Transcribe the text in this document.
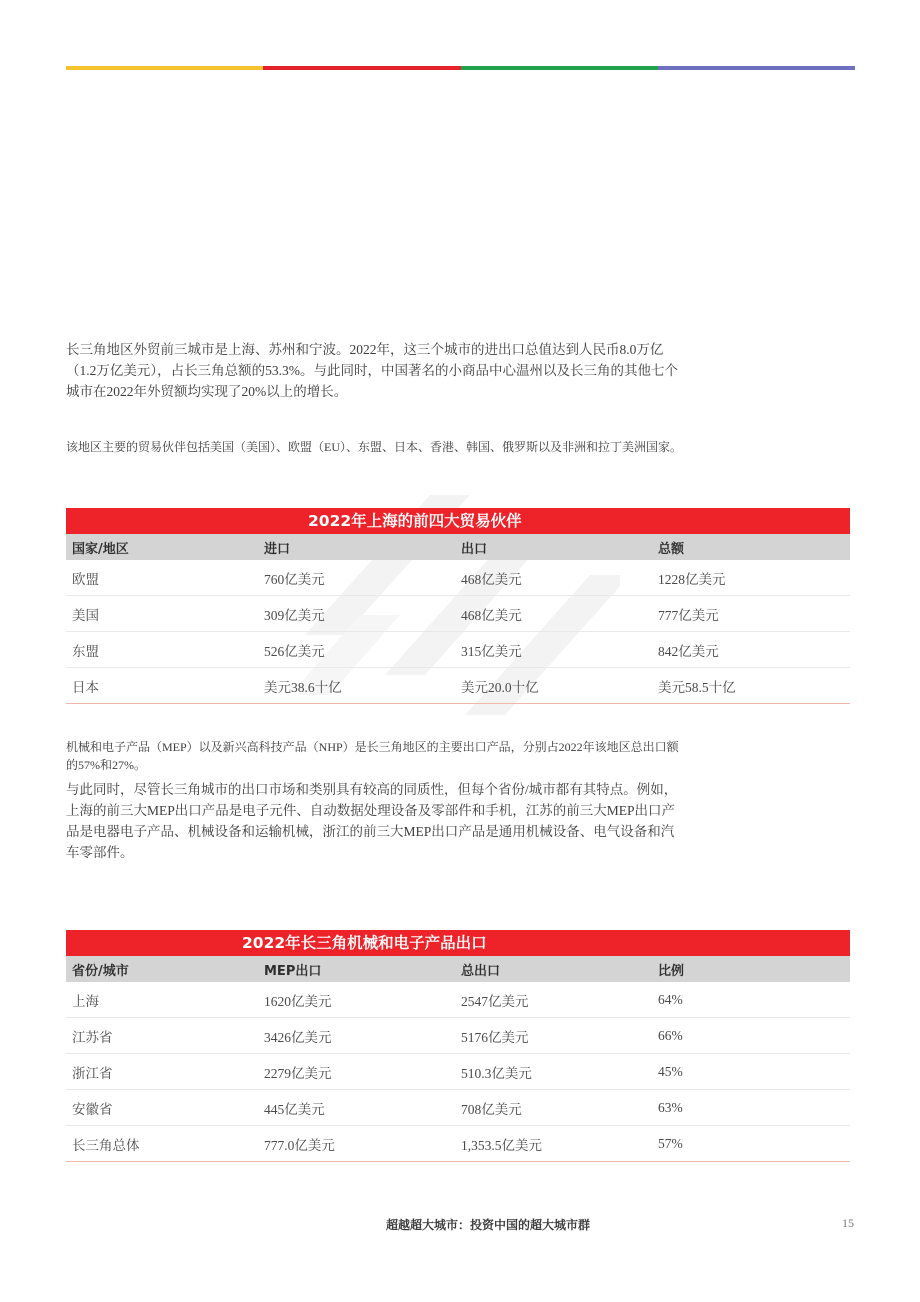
长三角地区外贸前三城市是上海、苏州和宁波。2022年，这三个城市的进出口总值达到人民币8.0万亿（1.2万亿美元），占长三角总额的53.3%。与此同时，中国著名的小商品中心温州以及长三角的其他七个城市在2022年外贸额均实现了20%以上的增长。

该地区主要的贸易伙伴包括美国（美国）、欧盟（EU）、东盟、日本、香港、韩国、俄罗斯以及非洲和拉丁美洲国家。

2022年上海的前四大贸易伙伴
国家/地区	进口	出口	总额
欧盟	760亿美元	468亿美元	1228亿美元
美国	309亿美元	468亿美元	777亿美元
东盟	526亿美元	315亿美元	842亿美元
日本	美元38.6十亿	美元20.0十亿	美元58.5十亿

机械和电子产品（MEP）以及新兴高科技产品（NHP）是长三角地区的主要出口产品，分别占2022年该地区总出口额的57%和27%。

与此同时，尽管长三角城市的出口市场和类别具有较高的同质性，但每个省份/城市都有其特点。例如，上海的前三大MEP出口产品是电子元件、自动数据处理设备及零部件和手机，江苏的前三大MEP出口产品是电器电子产品、机械设备和运输机械，浙江的前三大MEP出口产品是通用机械设备、电气设备和汽车零部件。

2022年长三角机械和电子产品出口
省份/城市	MEP出口	总出口	比例
上海	1620亿美元	2547亿美元	64%
江苏省	3426亿美元	5176亿美元	66%
浙江省	2279亿美元	510.3亿美元	45%
安徽省	445亿美元	708亿美元	63%
长三角总体	777.0亿美元	1,353.5亿美元	57%
超越超大城市：投资中国的超大城市群	15
